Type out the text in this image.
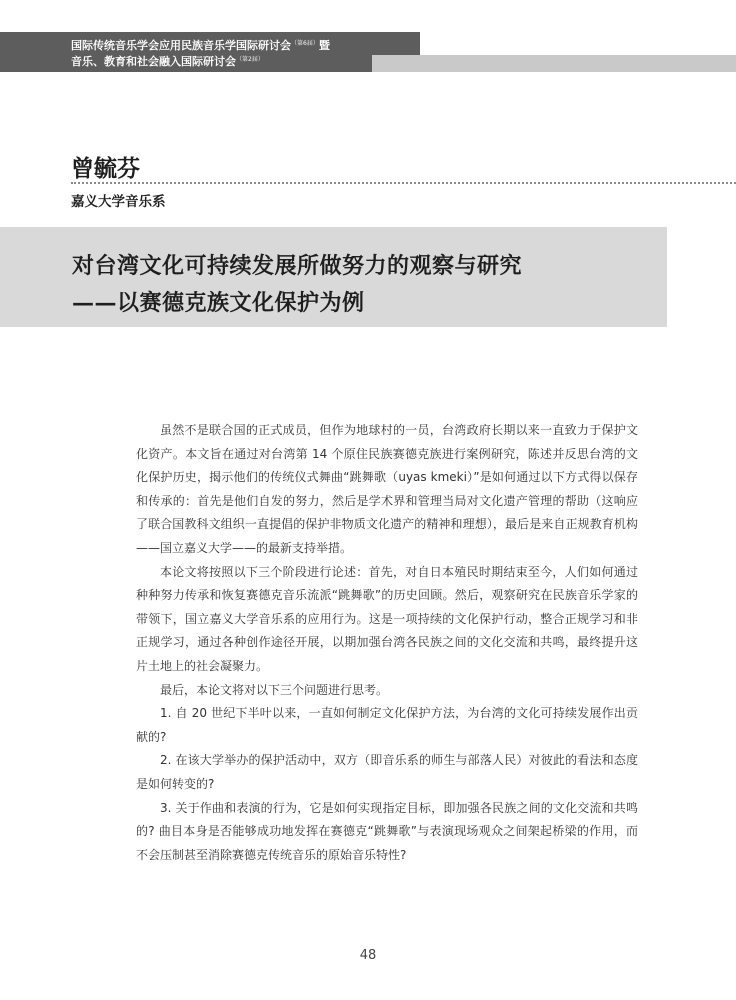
国际传统音乐学会应用民族音乐学国际研讨会$^{(第6届)}$暨
音乐、教育和社会融入国际研讨会$^{(第2届)}$
曾毓芬
嘉义大学音乐系
对台湾文化可持续发展所做努力的观察与研究
——以赛德克族文化保护为例

虽然不是联合国的正式成员，但作为地球村的一员，台湾政府长期以来一直致力于保护文化资产。本文旨在通过对台湾第 14 个原住民族赛德克族进行案例研究，陈述并反思台湾的文化保护历史，揭示他们的传统仪式舞曲“跳舞歌（uyas kmeki）”是如何通过以下方式得以保存和传承的：首先是他们自发的努力，然后是学术界和管理当局对文化遗产管理的帮助（这响应了联合国教科文组织一直提倡的保护非物质文化遗产的精神和理想），最后是来自正规教育机构——国立嘉义大学——的最新支持举措。

本论文将按照以下三个阶段进行论述：首先，对自日本殖民时期结束至今，人们如何通过种种努力传承和恢复赛德克音乐流派“跳舞歌”的历史回顾。然后，观察研究在民族音乐学家的带领下，国立嘉义大学音乐系的应用行为。这是一项持续的文化保护行动，整合正规学习和非正规学习，通过各种创作途径开展，以期加强台湾各民族之间的文化交流和共鸣，最终提升这片土地上的社会凝聚力。

最后，本论文将对以下三个问题进行思考。

1. 自 20 世纪下半叶以来，一直如何制定文化保护方法，为台湾的文化可持续发展作出贡献的?

2. 在该大学举办的保护活动中，双方（即音乐系的师生与部落人民）对彼此的看法和态度是如何转变的?

3. 关于作曲和表演的行为，它是如何实现指定目标，即加强各民族之间的文化交流和共鸣的? 曲目本身是否能够成功地发挥在赛德克“跳舞歌”与表演现场观众之间架起桥梁的作用，而不会压制甚至消除赛德克传统音乐的原始音乐特性?

48
